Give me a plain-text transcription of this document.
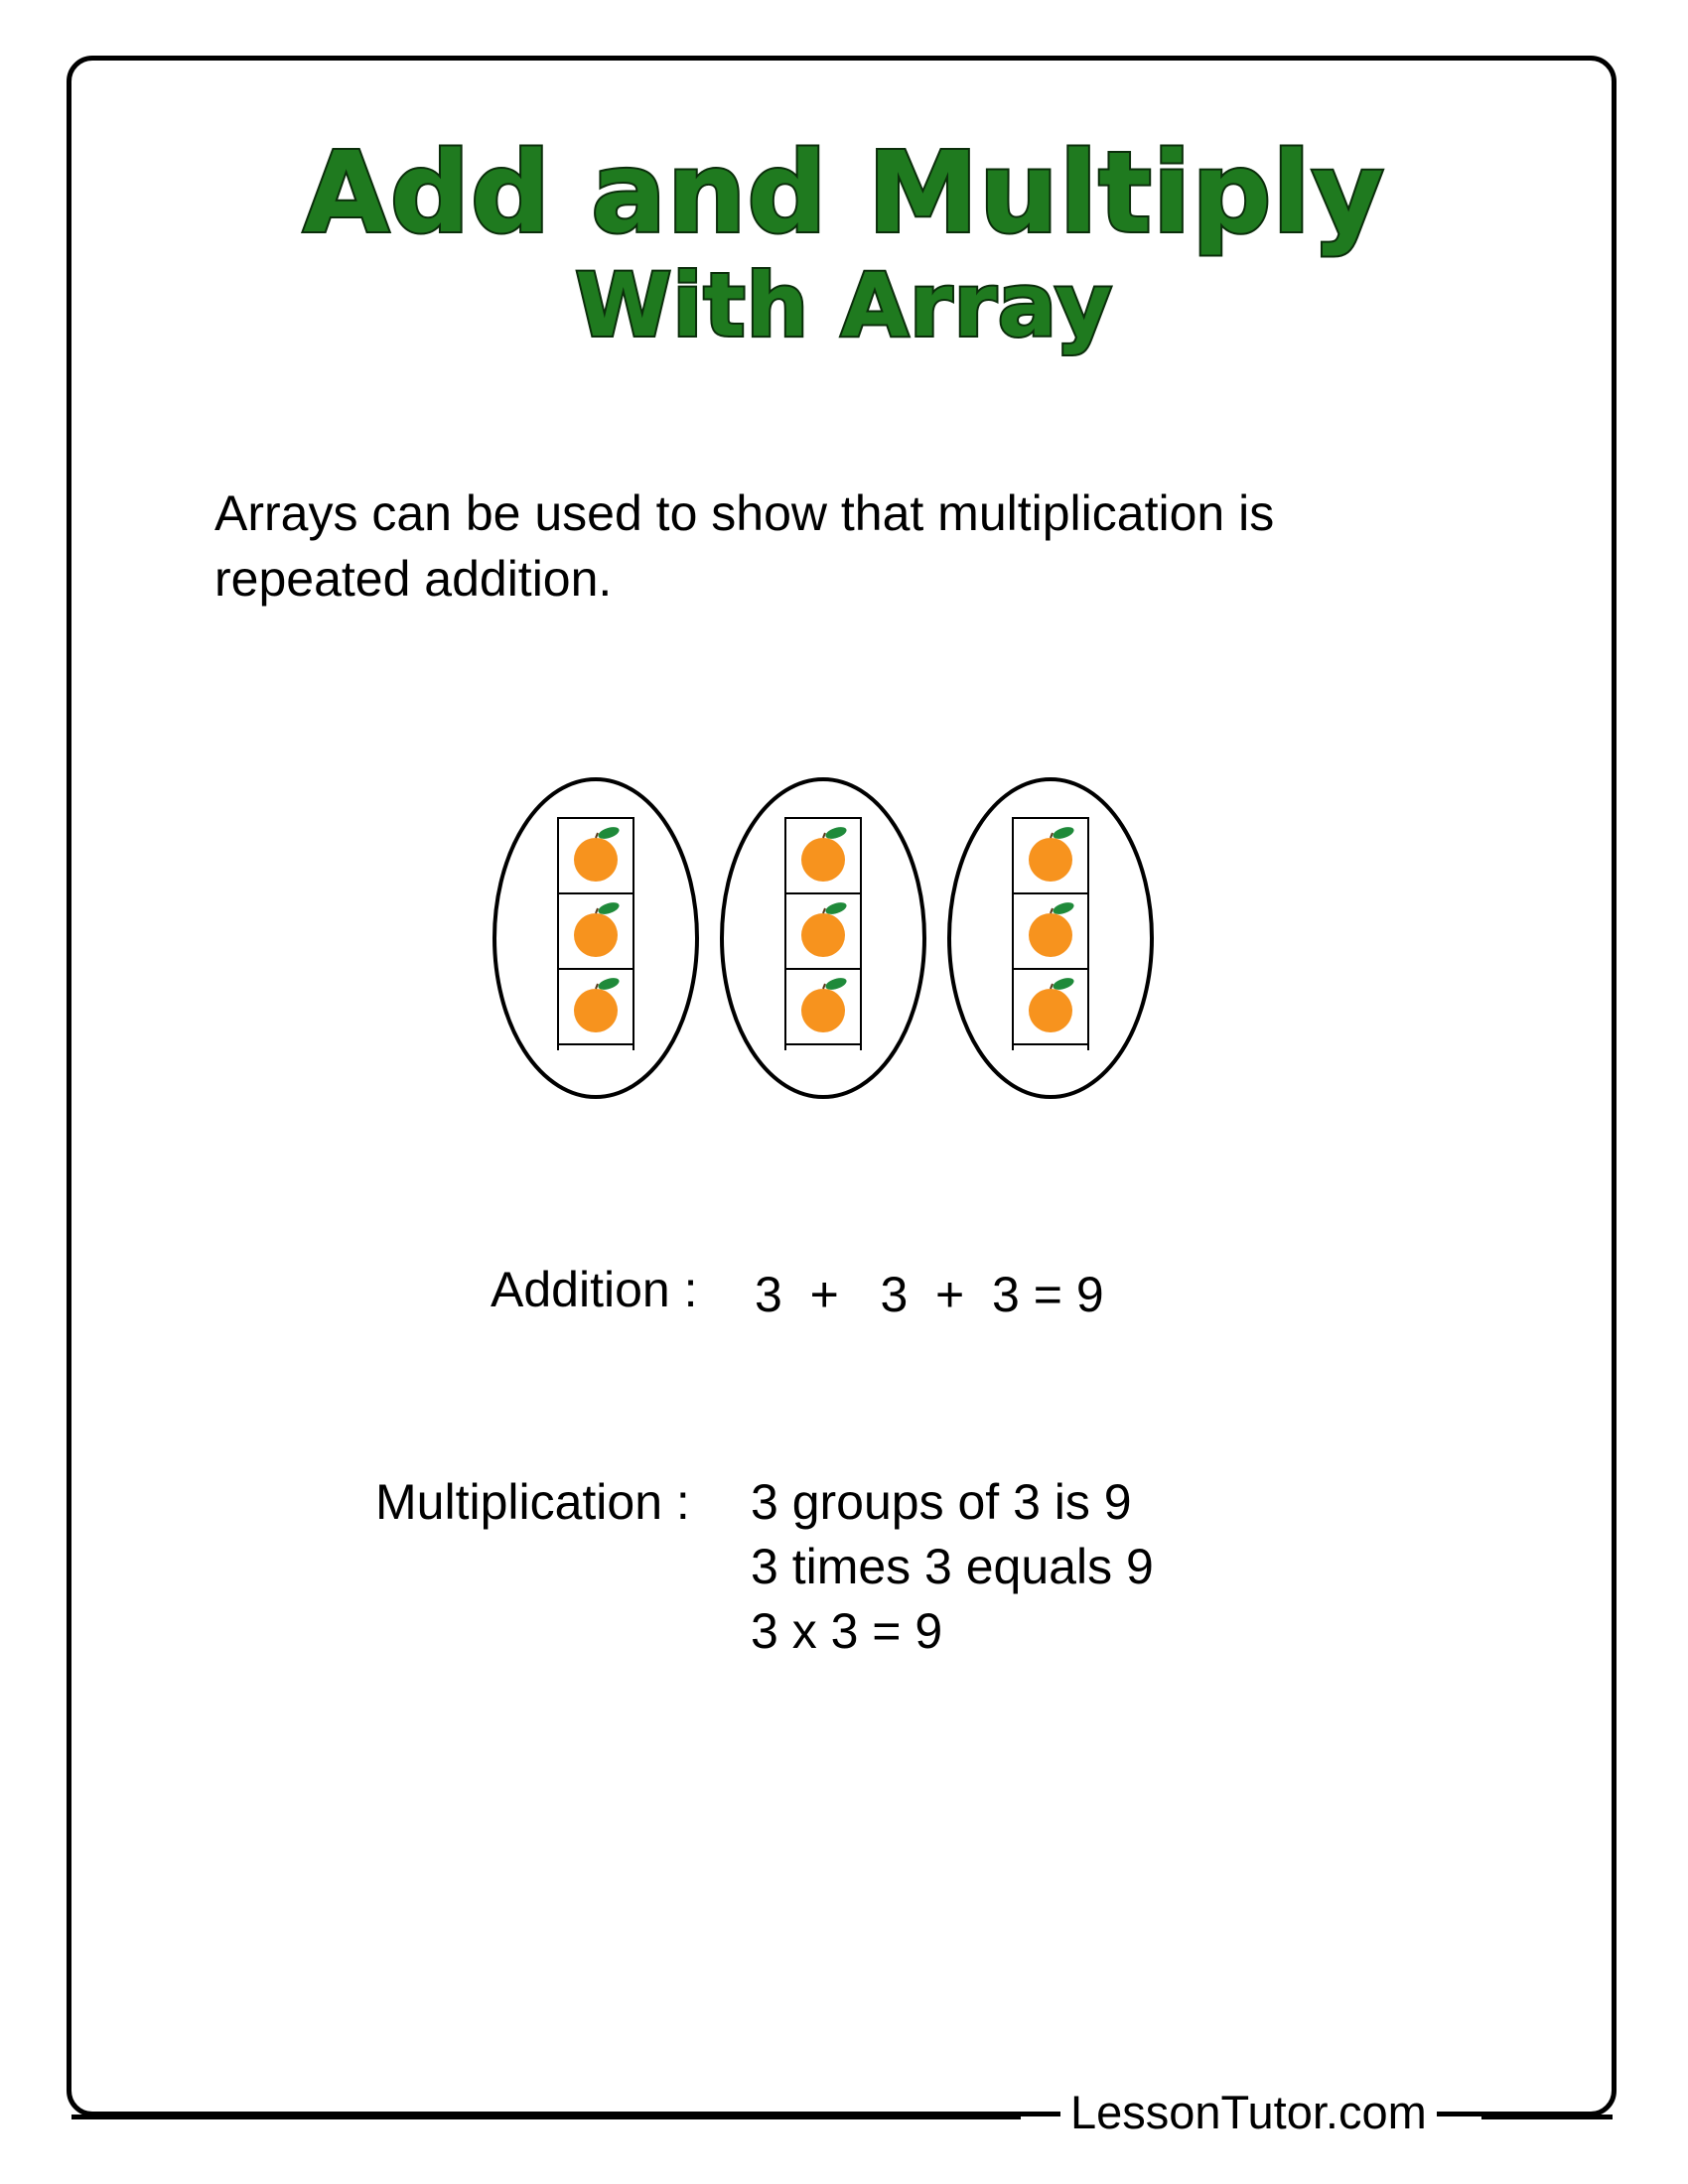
Add and Multiply
With Array
Arrays can be used to show that multiplication is repeated addition.
Addition : 3  +   3  +  3 = 9
Multiplication : 3 groups of 3 is 9
3 times 3 equals 9
3 x 3 = 9
LessonTutor.com
